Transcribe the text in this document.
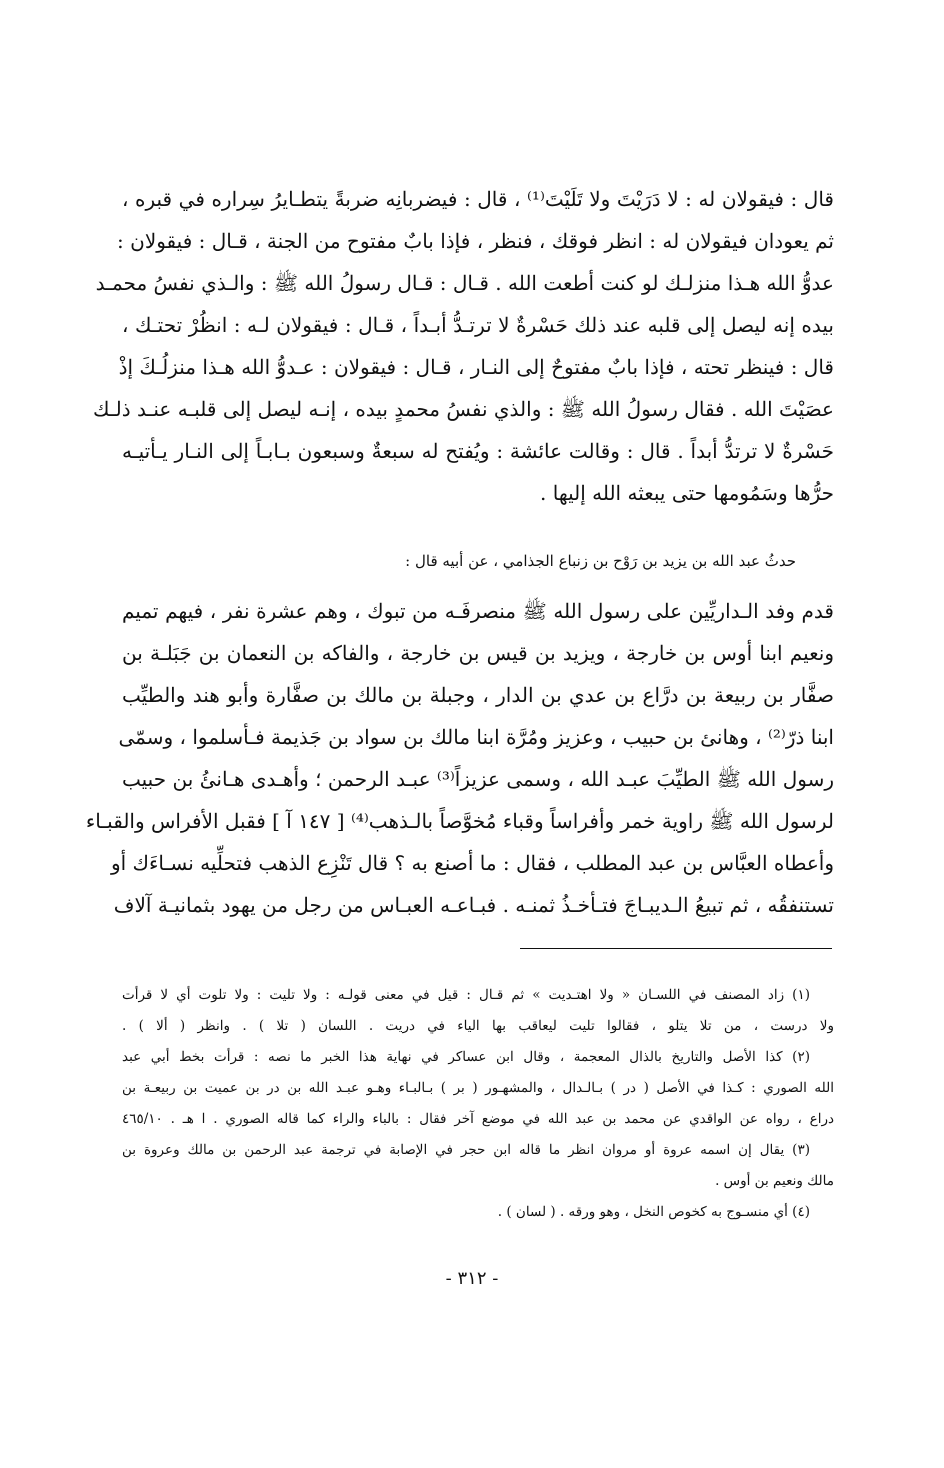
قال : فيقولان له : لا دَرَيْتَ ولا تَلَيْتَ⁽¹⁾ ، قال : فيضربانِه ضربةً يتطـايرُ سِراره في قبره ،
ثم يعودان فيقولان له : انظر فوقك ، فنظر ، فإذا بابٌ مفتوح من الجنة ، قـال : فيقولان :
عدوُّ الله هـذا منزلـك لو كنت أطعت الله . قـال : قـال رسولُ الله ﷺ : والـذي نفسُ محمـد
بيده إنه ليصل إلى قلبه عند ذلك حَسْرةٌ لا ترتـدُّ أبـداً ، قـال : فيقولان لـه : انظُرْ تحتـك ،
قال : فينظر تحته ، فإذا بابٌ مفتوحٌ إلى النـار ، قـال : فيقولان : عـدوُّ الله هـذا منزلُـكَ إذْ
عصَيْتَ الله . فقال رسولُ الله ﷺ : والذي نفسُ محمدٍ بيده ، إنـه ليصل إلى قلبـه عنـد ذلـك
حَسْرةٌ لا ترتدُّ أبداً . قال : وقالت عائشة : ويُفتح له سبعةٌ وسبعون بـابـاً إلى النـار يـأتيـه
حرُّها وسَمُومها حتى يبعثه الله إليها .
حدثُ عبد الله بن يزيد بن رَوْح بن زنباع الجذامي ، عن أبيه قال :
قدم وفد الـداريِّين على رسول الله ﷺ منصرفَـه من تبوك ، وهم عشرة نفر ، فيهم تميم
ونعيم ابنا أوس بن خارجة ، ويزيد بن قيس بن خارجة ، والفاكه بن النعمان بن جَبَلـة بن
صفَّار بن ربيعة بن درَّاع بن عدي بن الدار ، وجبلة بن مالك بن صفَّارة وأبو هند والطيِّب
ابنا ذرّ⁽²⁾ ، وهانئ بن حبيب ، وعزيز ومُرَّة ابنا مالك بن سواد بن جَذيمة فـأسلموا ، وسمّى
رسول الله ﷺ الطيِّبَ عبـد الله ، وسمى عزيزاً⁽³⁾ عبـد الرحمن ؛ وأهـدى هـانئُ بن حبيب
لرسول الله ﷺ راوية خمر وأفراساً وقباء مُخوَّصاً بالـذهب⁽⁴⁾ [ ١٤٧ آ ] فقبل الأفراس والقبـاء
وأعطاه العبَّاس بن عبد المطلب ، فقال : ما أصنع به ؟ قال تَنْزِع الذهب فتحلِّيه نسـاءَك أو
تستنفقُه ، ثم تبيعُ الـديبـاجَ فتـأخـذُ ثمنـه . فبـاعـه العبـاس من رجل من يهود بثمانيـة آلاف
(١) زاد المصنف في اللسـان « ولا اهتـديت » ثم قـال : قيل في معنى قولـه : ولا تليت : ولا تلوت أي لا قرأت
ولا درست ، من تلا يتلو ، فقالوا تليت ليعاقب بها الياء في دريت . اللسان ( تلا ) . وانظر ( ألا ) .
(٢) كذا الأصل والتاريخ بالذال المعجمة ، وقال ابن عساكر في نهاية هذا الخبر ما نصه : قرأت بخط أبي عبد
الله الصوري : كـذا في الأصل ( در ) بـالـدال ، والمشهـور ( بر ) بـالبـاء وهـو عبـد الله بن در بن عميت بن ربيعـة بن
دراع ، رواه عن الواقدي عن محمد بن عبد الله في موضع آخر فقال : بالباء والراء كما قاله الصوري . ا هـ . ٤٦٥/١٠
(٣) يقال إن اسمه عروة أو مروان انظر ما قاله ابن حجر في الإصابة في ترجمة عبد الرحمن بن مالك وعروة بن
مالك ونعيم بن أوس .
(٤) أي منسـوج به كخوص النخل ، وهو ورقه . ( لسان ) .
- ٣١٢ -
